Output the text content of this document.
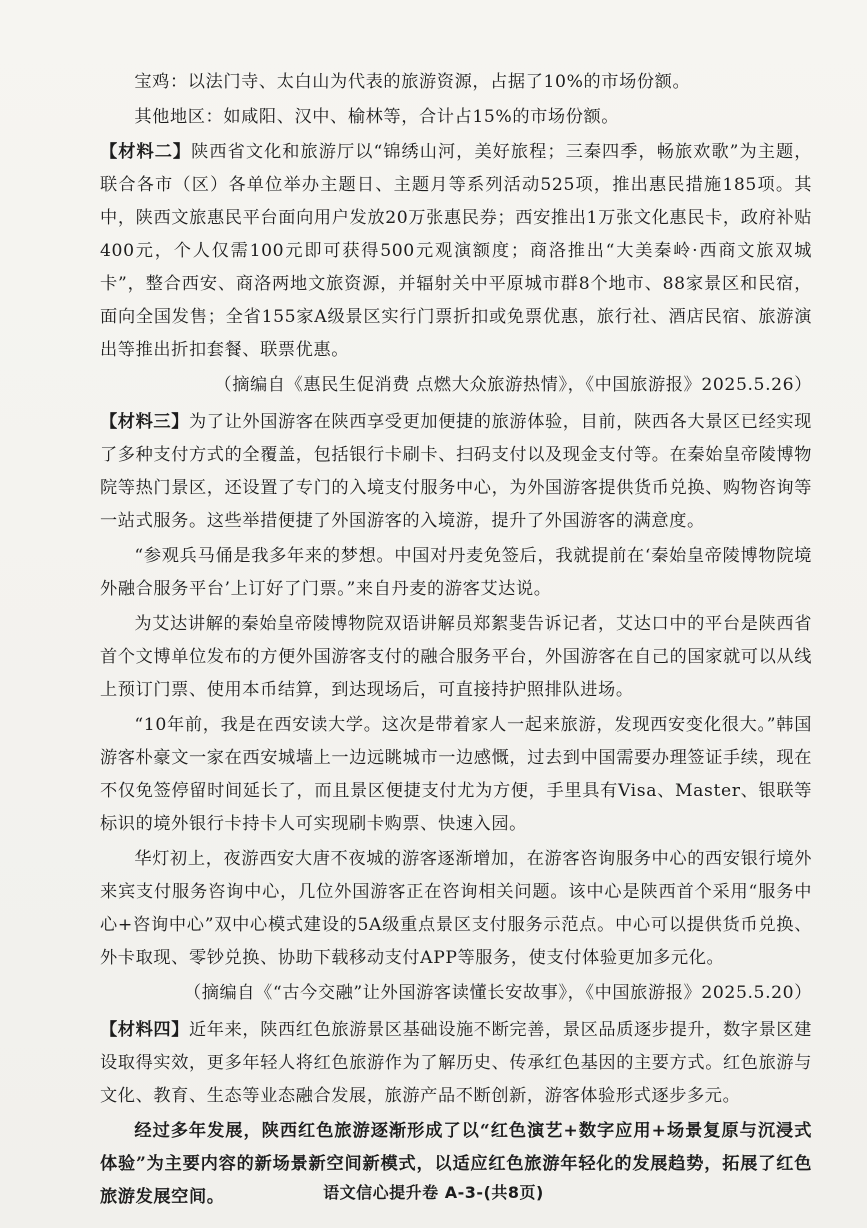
宝鸡：以法门寺、太白山为代表的旅游资源，占据了10%的市场份额。

其他地区：如咸阳、汉中、榆林等，合计占15%的市场份额。

【材料二】陕西省文化和旅游厅以“锦绣山河，美好旅程；三秦四季，畅旅欢歌”为主题，联合各市（区）各单位举办主题日、主题月等系列活动525项，推出惠民措施185项。其中，陕西文旅惠民平台面向用户发放20万张惠民券；西安推出1万张文化惠民卡，政府补贴400元，个人仅需100元即可获得500元观演额度；商洛推出“大美秦岭·西商文旅双城卡”，整合西安、商洛两地文旅资源，并辐射关中平原城市群8个地市、88家景区和民宿，面向全国发售；全省155家A级景区实行门票折扣或免票优惠，旅行社、酒店民宿、旅游演出等推出折扣套餐、联票优惠。

（摘编自《惠民生促消费 点燃大众旅游热情》，《中国旅游报》2025.5.26）

【材料三】为了让外国游客在陕西享受更加便捷的旅游体验，目前，陕西各大景区已经实现了多种支付方式的全覆盖，包括银行卡刷卡、扫码支付以及现金支付等。在秦始皇帝陵博物院等热门景区，还设置了专门的入境支付服务中心，为外国游客提供货币兑换、购物咨询等一站式服务。这些举措便捷了外国游客的入境游，提升了外国游客的满意度。

“参观兵马俑是我多年来的梦想。中国对丹麦免签后，我就提前在‘秦始皇帝陵博物院境外融合服务平台’上订好了门票。”来自丹麦的游客艾达说。

为艾达讲解的秦始皇帝陵博物院双语讲解员郑絮斐告诉记者，艾达口中的平台是陕西省首个文博单位发布的方便外国游客支付的融合服务平台，外国游客在自己的国家就可以从线上预订门票、使用本币结算，到达现场后，可直接持护照排队进场。

“10年前，我是在西安读大学。这次是带着家人一起来旅游，发现西安变化很大。”韩国游客朴豪文一家在西安城墙上一边远眺城市一边感慨，过去到中国需要办理签证手续，现在不仅免签停留时间延长了，而且景区便捷支付尤为方便，手里具有Visa、Master、银联等标识的境外银行卡持卡人可实现刷卡购票、快速入园。

华灯初上，夜游西安大唐不夜城的游客逐渐增加，在游客咨询服务中心的西安银行境外来宾支付服务咨询中心，几位外国游客正在咨询相关问题。该中心是陕西首个采用“服务中心+咨询中心”双中心模式建设的5A级重点景区支付服务示范点。中心可以提供货币兑换、外卡取现、零钞兑换、协助下载移动支付APP等服务，使支付体验更加多元化。

（摘编自《“古今交融”让外国游客读懂长安故事》，《中国旅游报》2025.5.20）

【材料四】近年来，陕西红色旅游景区基础设施不断完善，景区品质逐步提升，数字景区建设取得实效，更多年轻人将红色旅游作为了解历史、传承红色基因的主要方式。红色旅游与文化、教育、生态等业态融合发展，旅游产品不断创新，游客体验形式逐步多元。

经过多年发展，陕西红色旅游逐渐形成了以“红色演艺+数字应用+场景复原与沉浸式体验”为主要内容的新场景新空间新模式，以适应红色旅游年轻化的发展趋势，拓展了红色旅游发展空间。	语文信心提升卷 A-3-(共8页)
